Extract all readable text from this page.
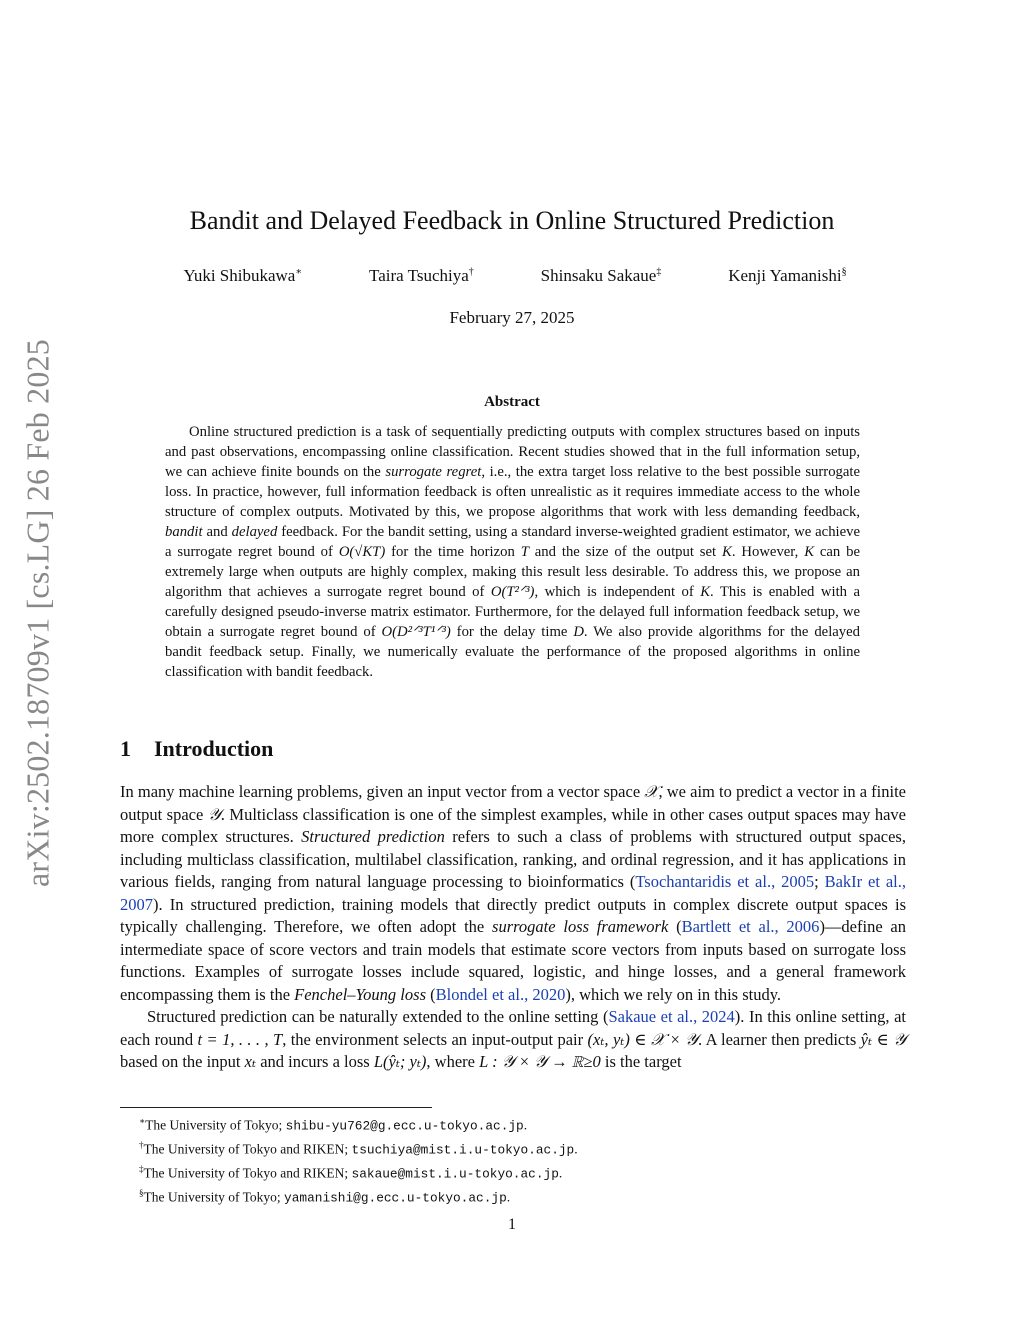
arXiv:2502.18709v1 [cs.LG] 26 Feb 2025
Bandit and Delayed Feedback in Online Structured Prediction
Yuki Shibukawa∗	Taira Tsuchiya†	Shinsaku Sakaue‡	Kenji Yamanishi§
February 27, 2025
Abstract

Online structured prediction is a task of sequentially predicting outputs with complex structures based on inputs and past observations, encompassing online classification. Recent studies showed that in the full information setup, we can achieve finite bounds on the surrogate regret, i.e., the extra target loss relative to the best possible surrogate loss. In practice, however, full information feedback is often unrealistic as it requires immediate access to the whole structure of complex outputs. Motivated by this, we propose algorithms that work with less demanding feedback, bandit and delayed feedback. For the bandit setting, using a standard inverse-weighted gradient estimator, we achieve a surrogate regret bound of O(√KT) for the time horizon T and the size of the output set K. However, K can be extremely large when outputs are highly complex, making this result less desirable. To address this, we propose an algorithm that achieves a surrogate regret bound of O(T²ᐟ³), which is independent of K. This is enabled with a carefully designed pseudo-inverse matrix estimator. Furthermore, for the delayed full information feedback setup, we obtain a surrogate regret bound of O(D²ᐟ³T¹ᐟ³) for the delay time D. We also provide algorithms for the delayed bandit feedback setup. Finally, we numerically evaluate the performance of the proposed algorithms in online classification with bandit feedback.

1 Introduction

In many machine learning problems, given an input vector from a vector space 𝒳, we aim to predict a vector in a finite output space 𝒴. Multiclass classification is one of the simplest examples, while in other cases output spaces may have more complex structures. Structured prediction refers to such a class of problems with structured output spaces, including multiclass classification, multilabel classification, ranking, and ordinal regression, and it has applications in various fields, ranging from natural language processing to bioinformatics (Tsochantaridis et al., 2005; BakIr et al., 2007). In structured prediction, training models that directly predict outputs in complex discrete output spaces is typically challenging. Therefore, we often adopt the surrogate loss framework (Bartlett et al., 2006)—define an intermediate space of score vectors and train models that estimate score vectors from inputs based on surrogate loss functions. Examples of surrogate losses include squared, logistic, and hinge losses, and a general framework encompassing them is the Fenchel–Young loss (Blondel et al., 2020), which we rely on in this study.

Structured prediction can be naturally extended to the online setting (Sakaue et al., 2024). In this online setting, at each round t = 1, . . . , T, the environment selects an input-output pair (xₜ, yₜ) ∈ 𝒳 × 𝒴. A learner then predicts ŷₜ ∈ 𝒴 based on the input xₜ and incurs a loss L(ŷₜ; yₜ), where L : 𝒴 × 𝒴 → ℝ≥0 is the target

∗The University of Tokyo; shibu-yu762@g.ecc.u-tokyo.ac.jp.
†The University of Tokyo and RIKEN; tsuchiya@mist.i.u-tokyo.ac.jp.
‡The University of Tokyo and RIKEN; sakaue@mist.i.u-tokyo.ac.jp.
§The University of Tokyo; yamanishi@g.ecc.u-tokyo.ac.jp.
1
